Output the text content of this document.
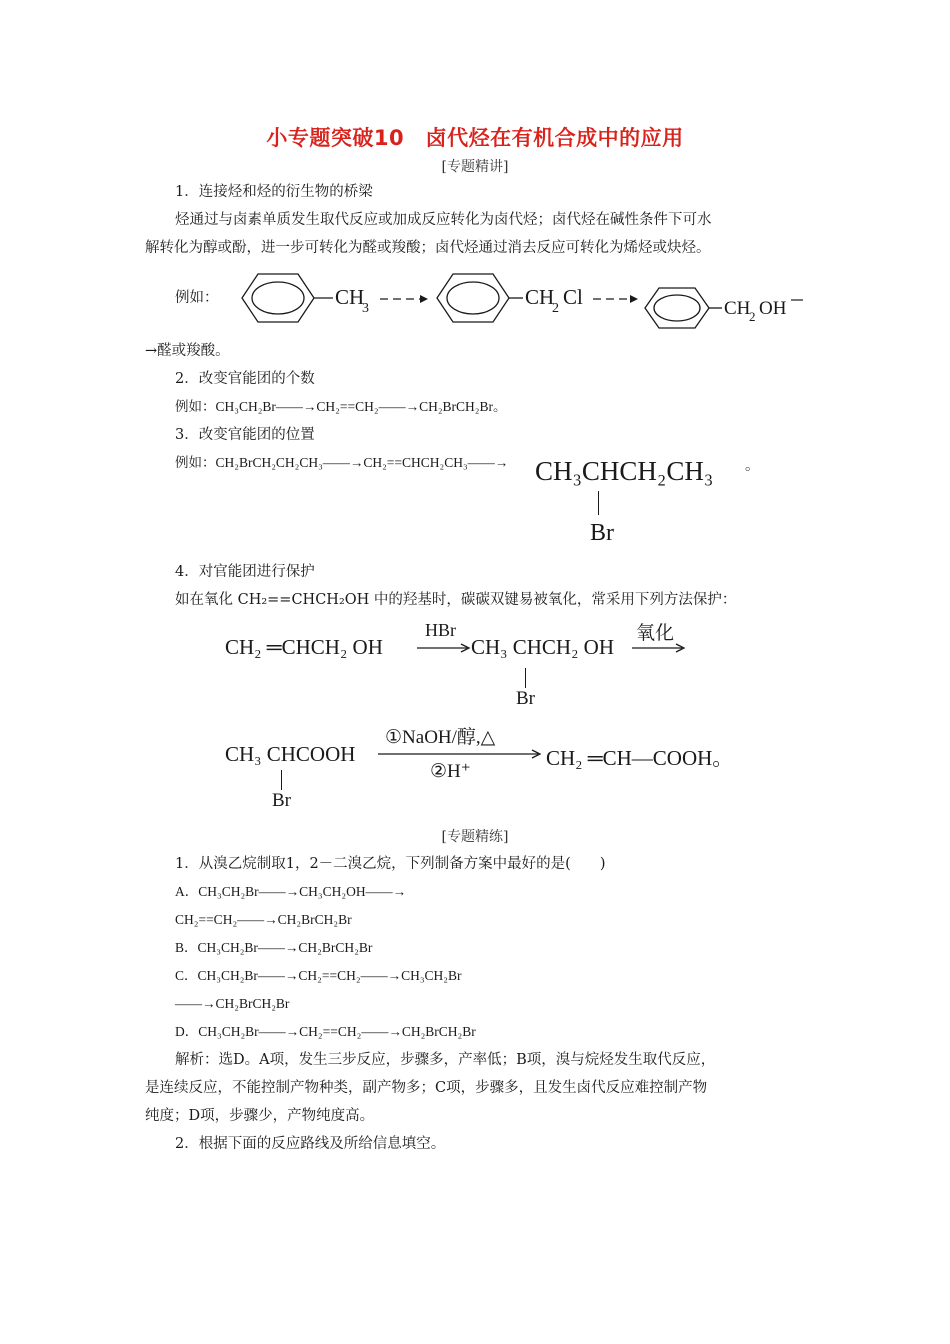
小专题突破10　卤代烃在有机合成中的应用
[专题精讲]
1．连接烃和烃的衍生物的桥梁
烃通过与卤素单质发生取代反应或加成反应转化为卤代烃；卤代烃在碱性条件下可水
解转化为醇或酚，进一步可转化为醛或羧酸；卤代烃通过消去反应可转化为烯烃或炔烃。
例如：	CH
3	CH
2 Cl	CH
2 OH
→醛或羧酸。
2．改变官能团的个数
例如：CH₃CH₂Br——→CH₂==CH₂——→CH₂BrCH₂Br。
3．改变官能团的位置
例如：CH₂BrCH₂CH₂CH₃——→CH₂==CHCH₂CH₃——→ CH₃CHCH₂CH₃
Br
。
4．对官能团进行保护
如在氧化 CH₂==CHCH₂OH 中的羟基时，碳碳双键易被氧化，常采用下列方法保护：
CH₂ ═CHCH₂ OH
HBr
CH₃ CHCH₂ OH
Br
氧化
CH₃ CHCOOH
Br
①NaOH/醇,△
②H⁺
CH₂ ═CH—COOH。
[专题精练]
1．从溴乙烷制取1，2－二溴乙烷，下列制备方案中最好的是(　　)
A．CH₃CH₂Br——→CH₃CH₂OH——→
CH₂==CH₂——→CH₂BrCH₂Br
B．CH₃CH₂Br——→CH₂BrCH₂Br
C．CH₃CH₂Br——→CH₂==CH₂——→CH₃CH₂Br
——→CH₂BrCH₂Br
D．CH₃CH₂Br——→CH₂==CH₂——→CH₂BrCH₂Br
解析：选D。A项，发生三步反应，步骤多，产率低；B项，溴与烷烃发生取代反应，
是连续反应，不能控制产物种类，副产物多；C项，步骤多，且发生卤代反应难控制产物
纯度；D项，步骤少，产物纯度高。
2．根据下面的反应路线及所给信息填空。
